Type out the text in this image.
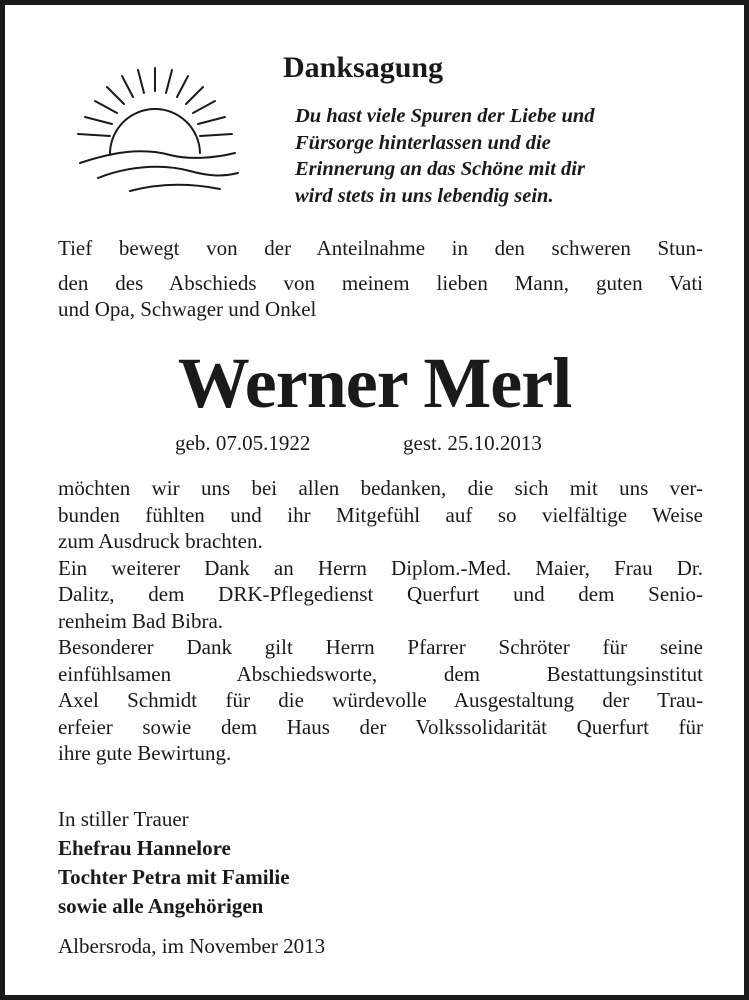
Danksagung
Du hast viele Spuren der Liebe und
Fürsorge hinterlassen und die
Erinnerung an das Schöne mit dir
wird stets in uns lebendig sein.
Tief bewegt von der Anteilnahme in den schweren Stun-
den des Abschieds von meinem lieben Mann, guten Vati
und Opa, Schwager und Onkel
Werner Merl
geb. 07.05.1922	gest. 25.10.2013
möchten wir uns bei allen bedanken, die sich mit uns ver-
bunden fühlten und ihr Mitgefühl auf so vielfältige Weise
zum Ausdruck brachten.
Ein weiterer Dank an Herrn Diplom.-Med. Maier, Frau Dr.
Dalitz, dem DRK-Pflegedienst Querfurt und dem Senio-
renheim Bad Bibra.
Besonderer Dank gilt Herrn Pfarrer Schröter für seine
einfühlsamen Abschiedsworte, dem Bestattungsinstitut
Axel Schmidt für die würdevolle Ausgestaltung der Trau-
erfeier sowie dem Haus der Volkssolidarität Querfurt für
ihre gute Bewirtung.
In stiller Trauer
Ehefrau Hannelore
Tochter Petra mit Familie
sowie alle Angehörigen
Albersroda, im November 2013
